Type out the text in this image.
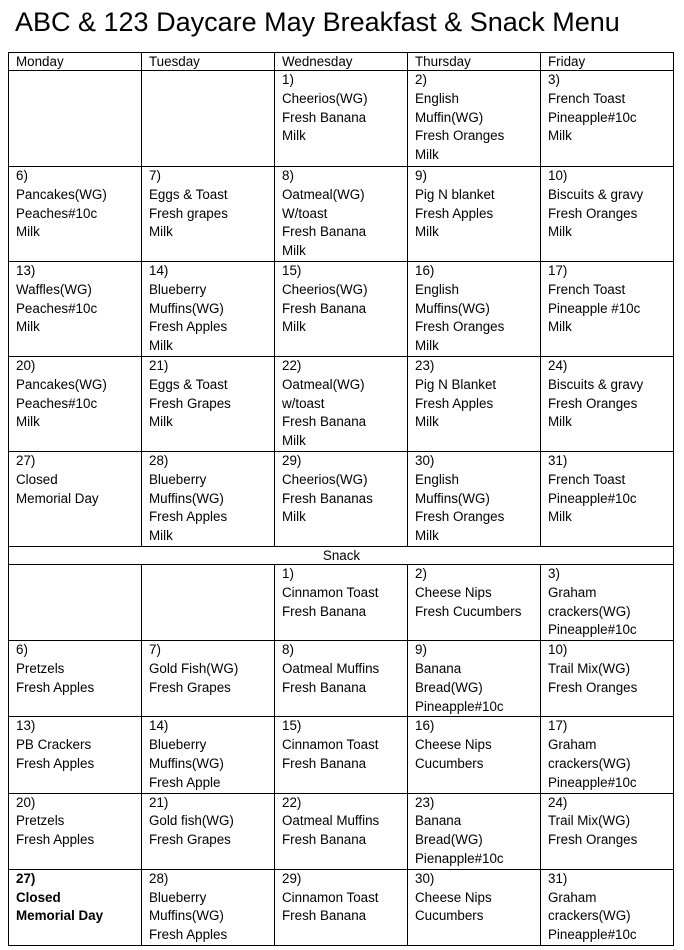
ABC & 123 Daycare May Breakfast & Snack Menu
Monday	Tuesday	Wednesday	Thursday	Friday

		1)
Cheerios(WG)
Fresh Banana
Milk	2)
English
Muffin(WG)
Fresh Oranges
Milk	3)
French Toast
Pineapple#10c
Milk

6)
Pancakes(WG)
Peaches#10c
Milk	7)
Eggs & Toast
Fresh grapes
Milk	8)
Oatmeal(WG)
W/toast
Fresh Banana
Milk	9)
Pig N blanket
Fresh Apples
Milk	10)
Biscuits & gravy
Fresh Oranges
Milk

13)
Waffles(WG)
Peaches#10c
Milk	14)
Blueberry
Muffins(WG)
Fresh Apples
Milk	15)
Cheerios(WG)
Fresh Banana
Milk	16)
English
Muffins(WG)
Fresh Oranges
Milk	17)
French Toast
Pineapple #10c
Milk

20)
Pancakes(WG)
Peaches#10c
Milk	21)
Eggs & Toast
Fresh Grapes
Milk	22)
Oatmeal(WG)
w/toast
Fresh Banana
Milk	23)
Pig N Blanket
Fresh Apples
Milk	24)
Biscuits & gravy
Fresh Oranges
Milk

27)
Closed
Memorial Day	28)
Blueberry
Muffins(WG)
Fresh Apples
Milk	29)
Cheerios(WG)
Fresh Bananas
Milk	30)
English
Muffins(WG)
Fresh Oranges
Milk	31)
French Toast
Pineapple#10c
Milk

Snack				

		1)
Cinnamon Toast
Fresh Banana	2)
Cheese Nips
Fresh Cucumbers	3)
Graham
crackers(WG)
Pineapple#10c

6)
Pretzels
Fresh Apples	7)
Gold Fish(WG)
Fresh Grapes	8)
Oatmeal Muffins
Fresh Banana	9)
Banana
Bread(WG)
Pineapple#10c	10)
Trail Mix(WG)
Fresh Oranges

13)
PB Crackers
Fresh Apples	14)
Blueberry
Muffins(WG)
Fresh Apple	15)
Cinnamon Toast
Fresh Banana	16)
Cheese Nips
Cucumbers	17)
Graham
crackers(WG)
Pineapple#10c

20)
Pretzels
Fresh Apples	21)
Gold fish(WG)
Fresh Grapes	22)
Oatmeal Muffins
Fresh Banana	23)
Banana
Bread(WG)
Pienapple#10c	24)
Trail Mix(WG)
Fresh Oranges

27)
Closed
Memorial Day	28)
Blueberry
Muffins(WG)
Fresh Apples	29)
Cinnamon Toast
Fresh Banana	30)
Cheese Nips
Cucumbers	31)
Graham
crackers(WG)
Pineapple#10c
